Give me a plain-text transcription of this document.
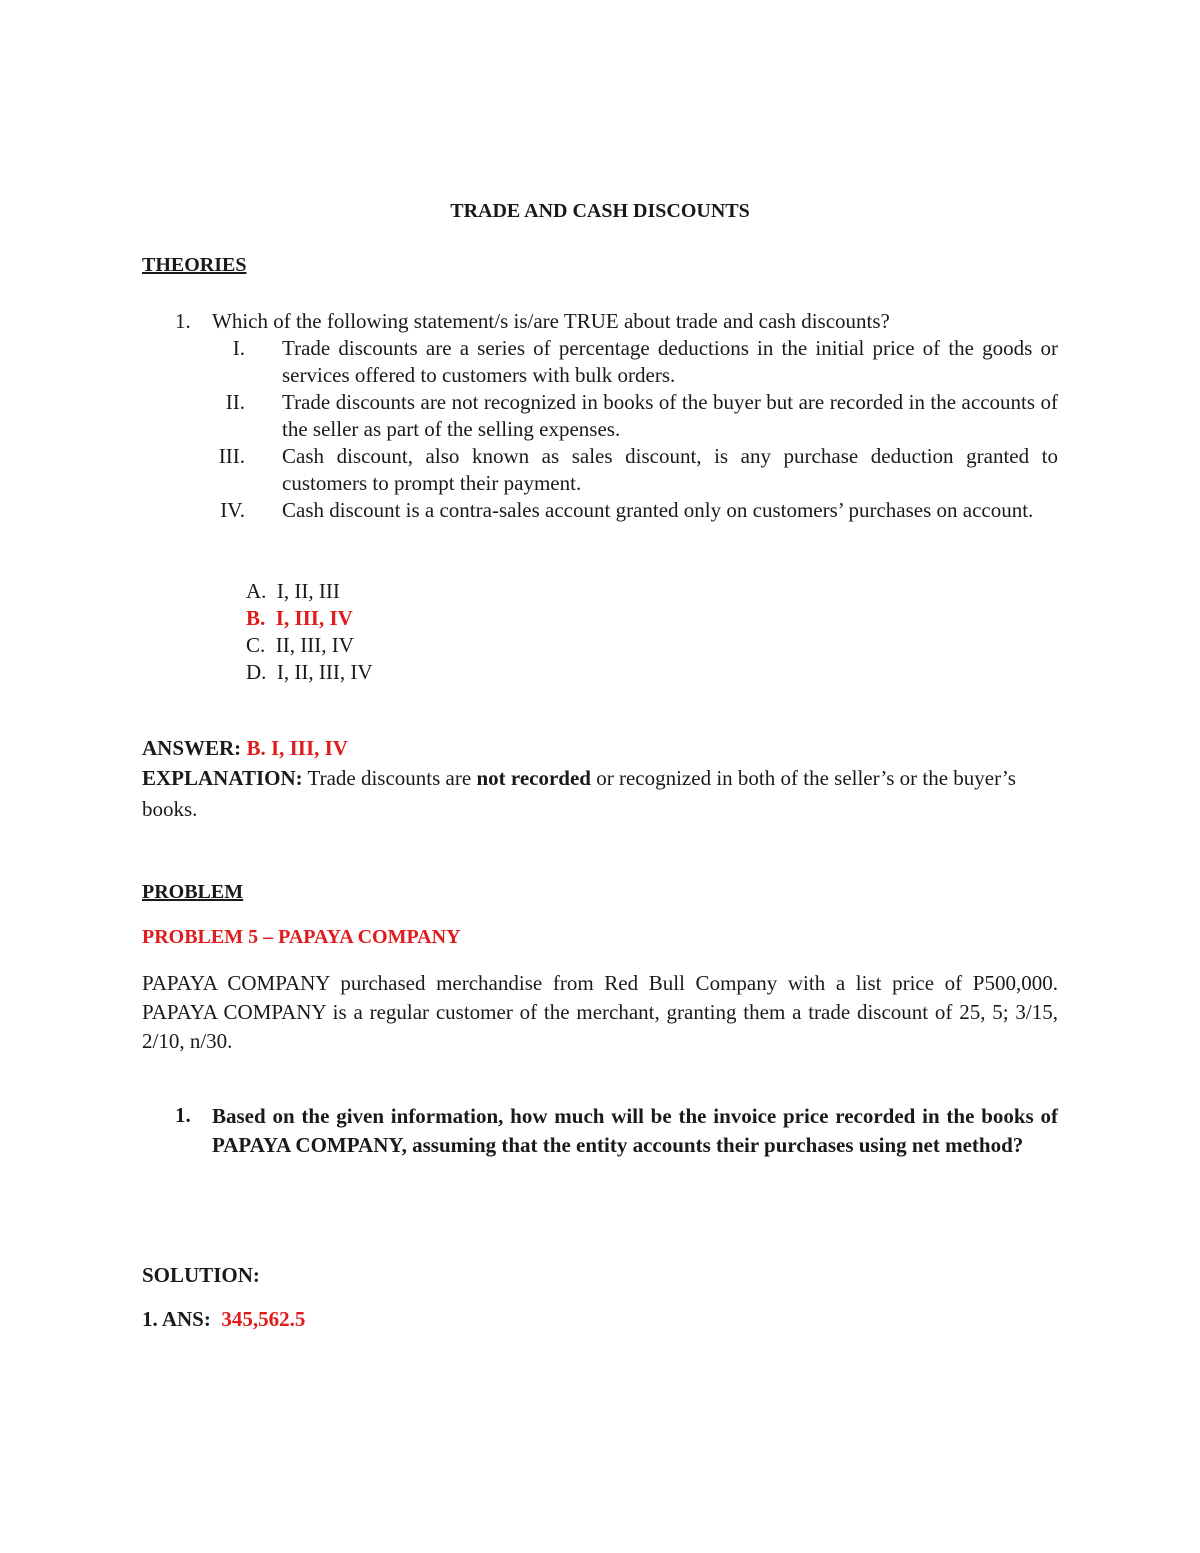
TRADE AND CASH DISCOUNTS
THEORIES
1. Which of the following statement/s is/are TRUE about trade and cash discounts?
I. Trade discounts are a series of percentage deductions in the initial price of the goods or services offered to customers with bulk orders.
II. Trade discounts are not recognized in books of the buyer but are recorded in the accounts of the seller as part of the selling expenses.
III. Cash discount, also known as sales discount, is any purchase deduction granted to customers to prompt their payment.
IV. Cash discount is a contra-sales account granted only on customers’ purchases on account.
A. I, II, III
B. I, III, IV
C. II, III, IV
D. I, II, III, IV
ANSWER: B. I, III, IV
EXPLANATION: Trade discounts are not recorded or recognized in both of the seller’s or the buyer’s books.
PROBLEM
PROBLEM 5 – PAPAYA COMPANY
PAPAYA COMPANY purchased merchandise from Red Bull Company with a list price of P500,000. PAPAYA COMPANY is a regular customer of the merchant, granting them a trade discount of 25, 5; 3/15, 2/10, n/30.
1. Based on the given information, how much will be the invoice price recorded in the books of PAPAYA COMPANY, assuming that the entity accounts their purchases using net method?
SOLUTION:
1. ANS: 345,562.5
